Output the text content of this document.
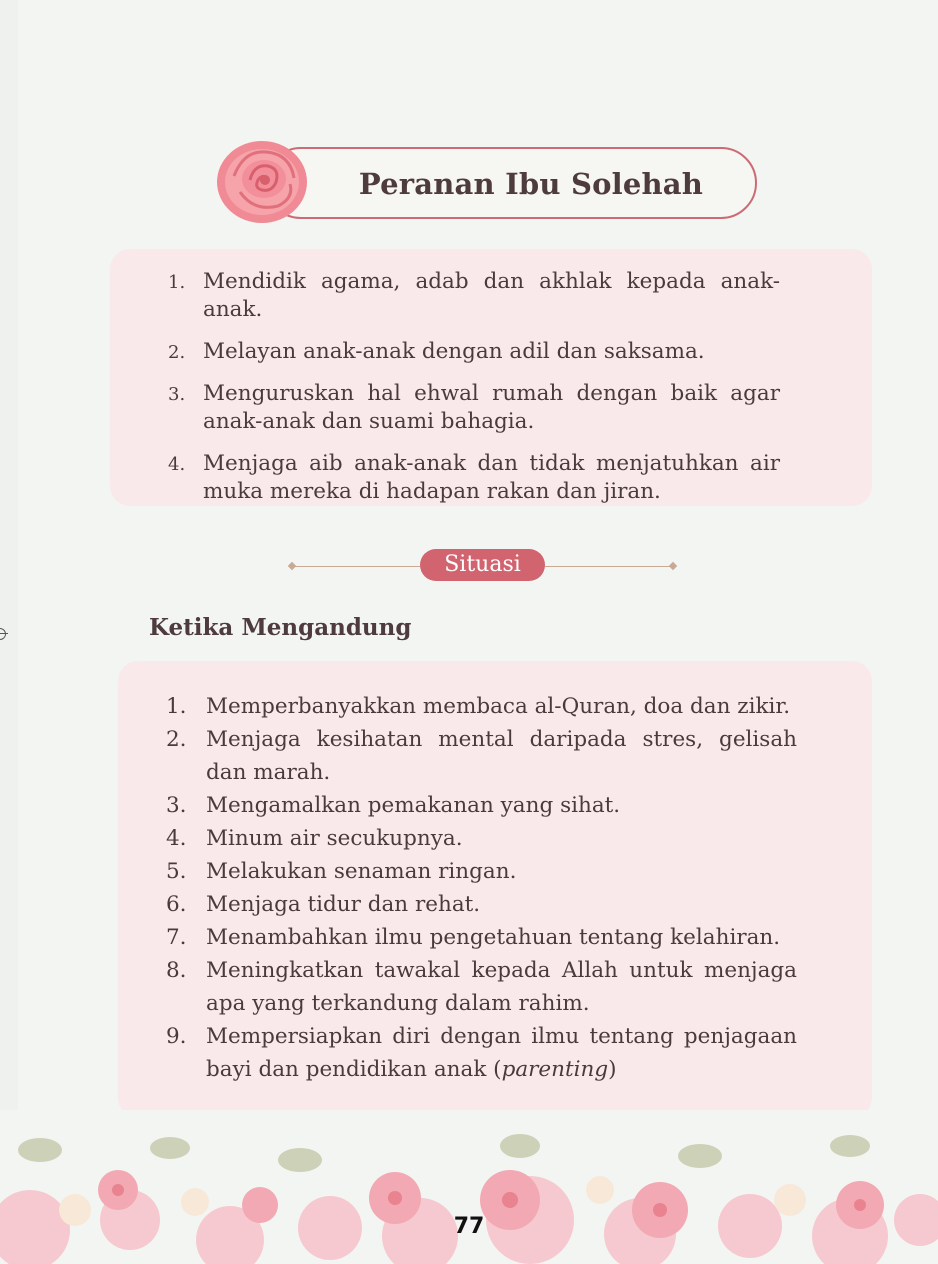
Peranan Ibu Solehah
1. Mendidik agama, adab dan akhlak kepada anak-anak.
2. Melayan anak-anak dengan adil dan saksama.
3. Menguruskan hal ehwal rumah dengan baik agar anak-anak dan suami bahagia.
4. Menjaga aib anak-anak dan tidak menjatuhkan air muka mereka di hadapan rakan dan jiran.
Situasi
Ketika Mengandung
1. Memperbanyakkan membaca al-Quran, doa dan zikir.
2. Menjaga kesihatan mental daripada stres, gelisah dan marah.
3. Mengamalkan pemakanan yang sihat.
4. Minum air secukupnya.
5. Melakukan senaman ringan.
6. Menjaga tidur dan rehat.
7. Menambahkan ilmu pengetahuan tentang kelahiran.
8. Meningkatkan tawakal kepada Allah untuk menjaga apa yang terkandung dalam rahim.
9. Mempersiapkan diri dengan ilmu tentang penjagaan bayi dan pendidikan anak (parenting)
77
